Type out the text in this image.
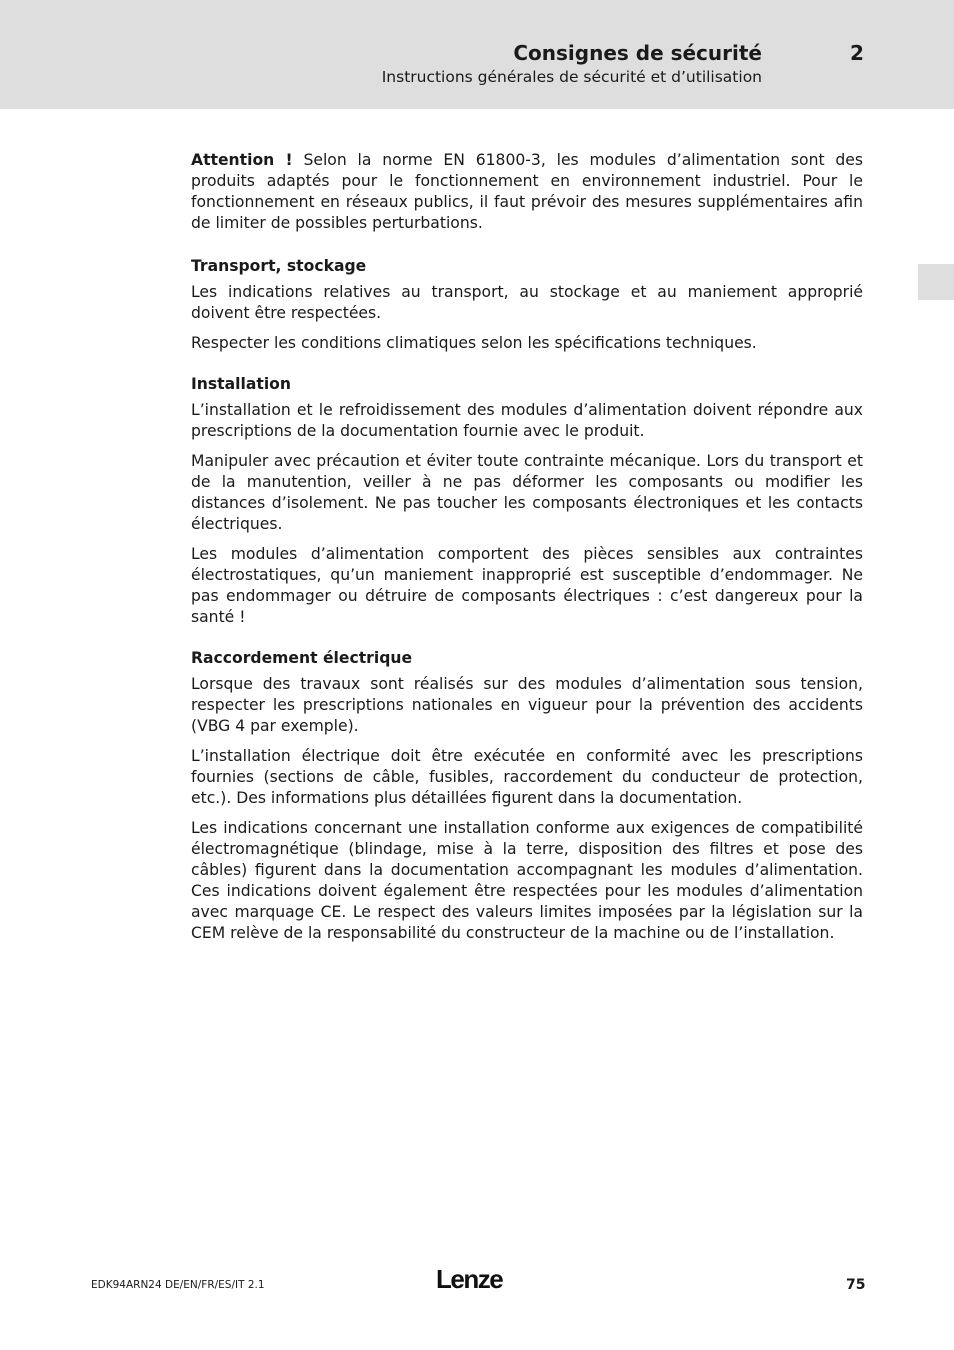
Consignes de sécurité	2
Instructions générales de sécurité et d’utilisation

Attention ! Selon la norme EN 61800-3, les modules d’alimentation sont des produits adaptés pour le fonctionnement en environnement industriel. Pour le fonctionnement en réseaux publics, il faut prévoir des mesures supplémentaires afin de limiter de possibles perturbations.

Transport, stockage

Les indications relatives au transport, au stockage et au maniement approprié doivent être respectées.

Respecter les conditions climatiques selon les spécifications techniques.

Installation

L’installation et le refroidissement des modules d’alimentation doivent répondre aux prescriptions de la documentation fournie avec le produit.

Manipuler avec précaution et éviter toute contrainte mécanique. Lors du transport et de la manutention, veiller à ne pas déformer les composants ou modifier les distances d’isolement. Ne pas toucher les composants électroniques et les contacts électriques.

Les modules d’alimentation comportent des pièces sensibles aux contraintes électrostatiques, qu’un maniement inapproprié est susceptible d’endommager. Ne pas endommager ou détruire de composants électriques : c’est dangereux pour la santé !

Raccordement électrique

Lorsque des travaux sont réalisés sur des modules d’alimentation sous tension, respecter les prescriptions nationales en vigueur pour la prévention des accidents (VBG 4 par exemple).

L’installation électrique doit être exécutée en conformité avec les prescriptions fournies (sections de câble, fusibles, raccordement du conducteur de protection, etc.). Des informations plus détaillées figurent dans la documentation.

Les indications concernant une installation conforme aux exigences de compatibilité électromagnétique (blindage, mise à la terre, disposition des filtres et pose des câbles) figurent dans la documentation accompagnant les modules d’alimentation. Ces indications doivent également être respectées pour les modules d’alimentation avec marquage CE. Le respect des valeurs limites imposées par la législation sur la CEM relève de la responsabilité du constructeur de la machine ou de l’installation.

EDK94ARN24 DE/EN/FR/ES/IT 2.1	Lenze	75
